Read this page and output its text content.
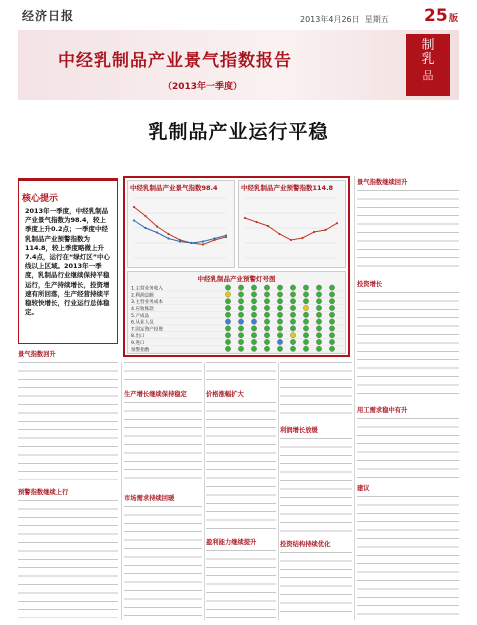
经济日报	2013年4月26日 星期五 25 版
中经乳制品产业景气指数报告
（2013年一季度）
制
乳
品
乳制品产业运行平稳
核心提示
2013年一季度，中经乳制品产业景气指数为98.4，较上季度上升0.2点；一季度中经乳制品产业预警指数为114.8，较上季度略微上升7.4点，运行在“绿灯区”中心线以上区域。2013年一季度，乳制品行业继续保持平稳运行，生产持续增长，投资增速有所回落，生产经营持续平稳较快增长，行业运行总体稳定。
中经乳制品产业景气指数98.4	中经乳制品产业预警指数114.8
中经乳制品产业预警灯号图
1.主营业务收入
2.利润总额
3.主营业务成本
4.应收账款
5.产成品
6.从业人员
7.固定资产投资
8.出口
9.进口
预警指数
景气指数回升
预警指数继续上行
生产增长继续保持稳定
市场需求持续回暖
价格涨幅扩大
盈利能力继续提升
利润增长放缓
投资结构持续优化
景气指数继续回升
投资增长
用工需求稳中有升
建议
